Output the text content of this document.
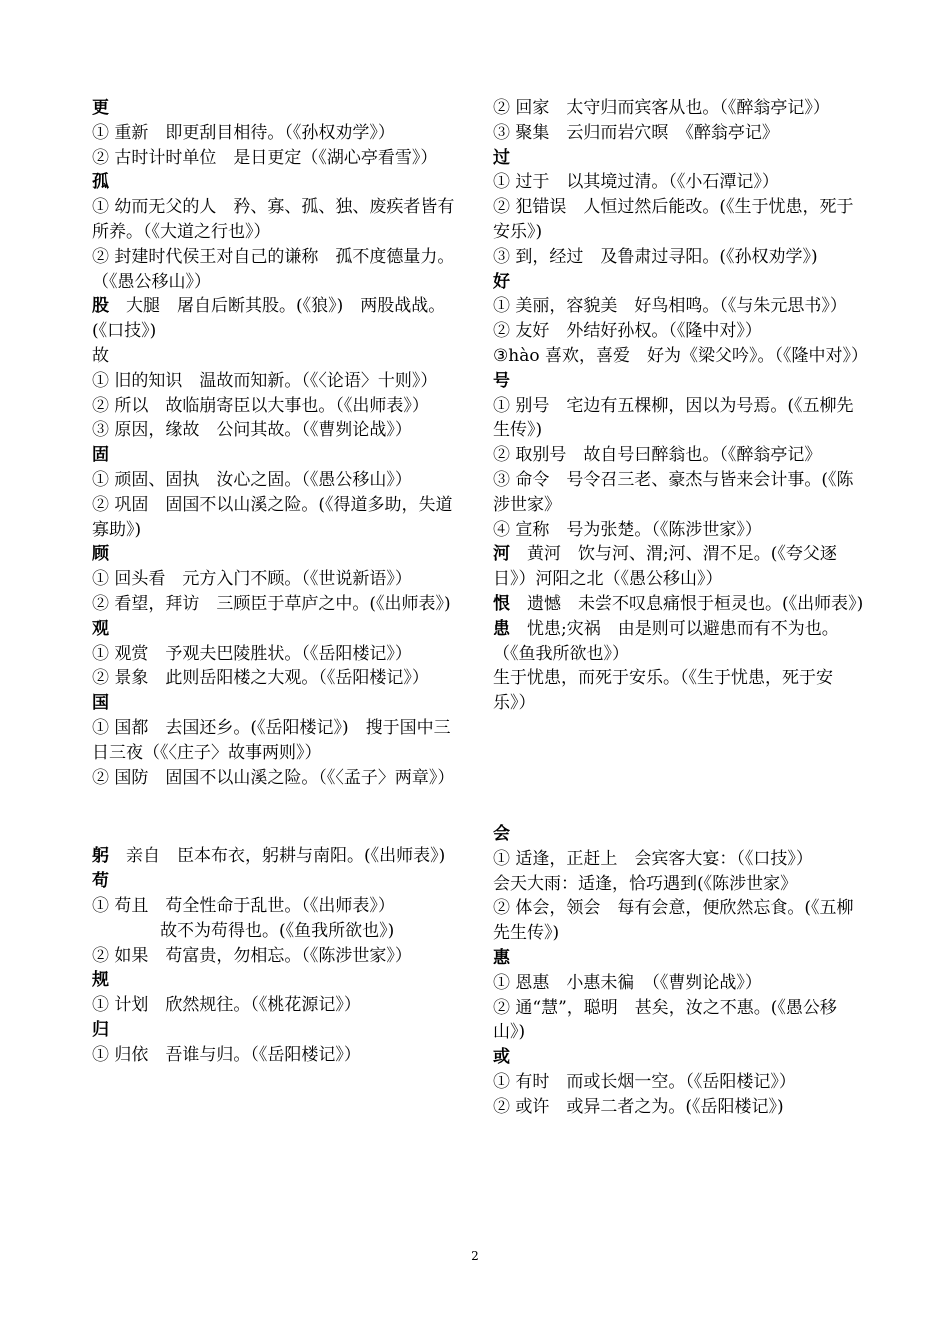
更
① 重新　即更刮目相待。（《孙权劝学》）
② 古时计时单位　是日更定（《湖心亭看雪》）
孤
① 幼而无父的人　矜、寡、孤、独、废疾者皆有所养。（《大道之行也》）
② 封建时代侯王对自己的谦称　孤不度德量力。（《愚公移山》）
股　大腿　屠自后断其股。(《狼》)　两股战战。(《口技》)
故
① 旧的知识　温故而知新。（《〈论语〉十则》）
② 所以　故临崩寄臣以大事也。（《出师表》）
③ 原因，缘故　公问其故。（《曹刿论战》）
固
① 顽固、固执　汝心之固。（《愚公移山》）
② 巩固　固国不以山溪之险。(《得道多助，失道寡助》)
顾
① 回头看　元方入门不顾。（《世说新语》）
② 看望，拜访　三顾臣于草庐之中。(《出师表》)
观
① 观赏　予观夫巴陵胜状。（《岳阳楼记》）
② 景象　此则岳阳楼之大观。（《岳阳楼记》）
国
① 国都　去国还乡。(《岳阳楼记》)　搜于国中三日三夜（《〈庄子〉故事两则》）
② 国防　固国不以山溪之险。（《〈孟子〉两章》）
躬　亲自　臣本布衣，躬耕与南阳。(《出师表》)
苟
① 苟且　苟全性命于乱世。（《出师表》）
　　　　故不为苟得也。(《鱼我所欲也》)
② 如果　苟富贵，勿相忘。（《陈涉世家》）
规
① 计划　欣然规往。（《桃花源记》）
归
① 归依　吾谁与归。（《岳阳楼记》）
② 回家　太守归而宾客从也。（《醉翁亭记》）
③ 聚集　云归而岩穴暝　《醉翁亭记》
过
① 过于　以其境过清。（《小石潭记》）
② 犯错误　人恒过然后能改。(《生于忧患，死于安乐》)
③ 到，经过　及鲁肃过寻阳。(《孙权劝学》)
好
① 美丽，容貌美　好鸟相鸣。（《与朱元思书》）
② 友好　外结好孙权。（《隆中对》）
③hào 喜欢，喜爱　好为《梁父吟》。（《隆中对》）
号
① 别号　宅边有五棵柳，因以为号焉。(《五柳先生传》)
② 取别号　故自号曰醉翁也。（《醉翁亭记》
③ 命令　号令召三老、豪杰与皆来会计事。(《陈涉世家》
④ 宣称　号为张楚。（《陈涉世家》）
河　黄河　饮与河、渭;河、渭不足。(《夸父逐日》）河阳之北（《愚公移山》）
恨　遗憾　未尝不叹息痛恨于桓灵也。(《出师表》)
患　忧患;灾祸　由是则可以避患而有不为也。（《鱼我所欲也》）
生于忧患，而死于安乐。（《生于忧患，死于安乐》）
会
① 适逢，正赶上　会宾客大宴：（《口技》）
会天大雨：适逢，恰巧遇到(《陈涉世家》
② 体会，领会　每有会意，便欣然忘食。(《五柳先生传》)
惠
① 恩惠　小惠未徧　（《曹刿论战》）
② 通“慧”，聪明　甚矣，汝之不惠。(《愚公移山》)
或
① 有时　而或长烟一空。（《岳阳楼记》）
② 或许　或异二者之为。(《岳阳楼记》)
2
